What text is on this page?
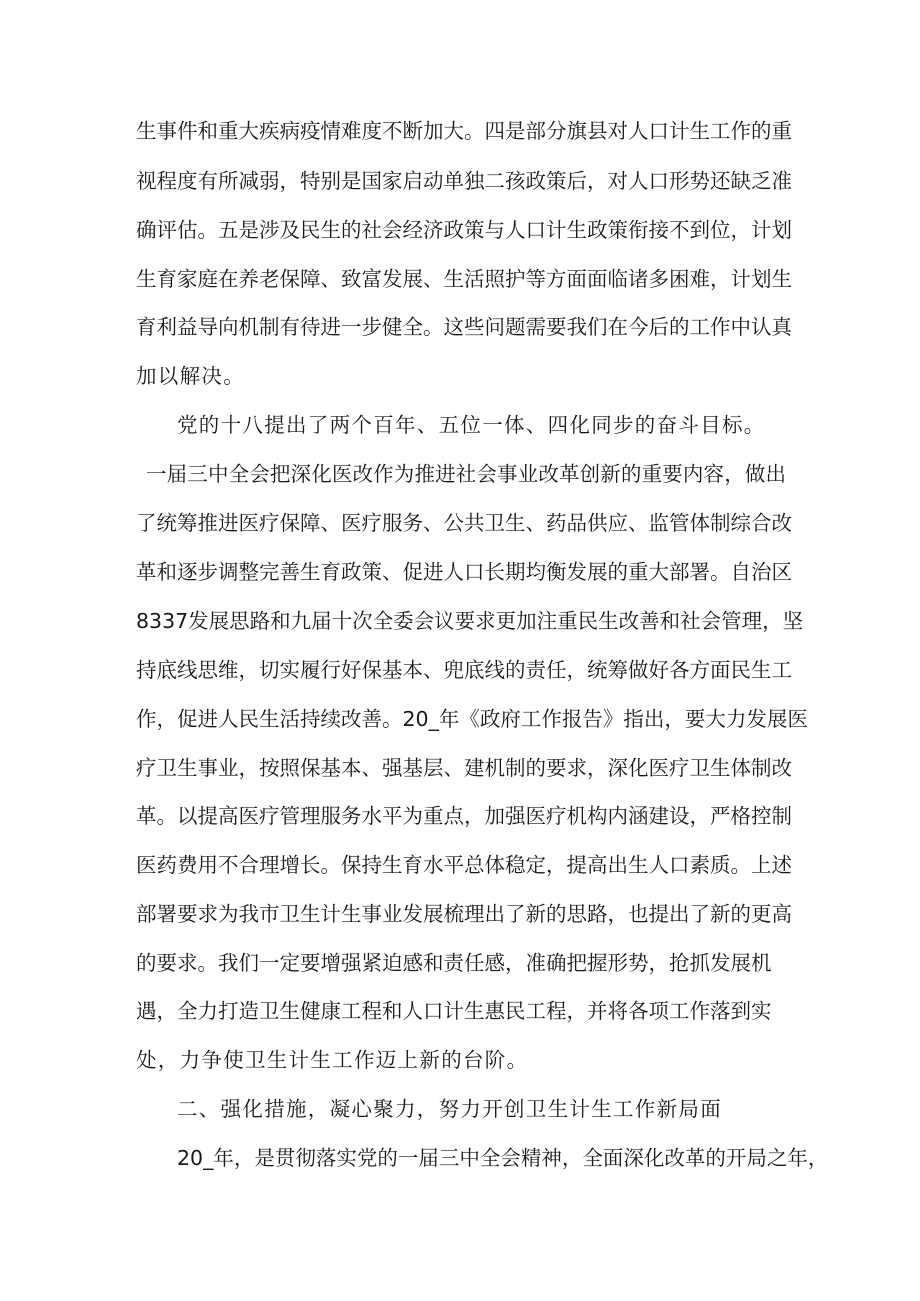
生事件和重大疾病疫情难度不断加大。四是部分旗县对人口计生工作的重

视程度有所减弱，特别是国家启动单独二孩政策后，对人口形势还缺乏准

确评估。五是涉及民生的社会经济政策与人口计生政策衔接不到位，计划

生育家庭在养老保障、致富发展、生活照护等方面面临诸多困难，计划生

育利益导向机制有待进一步健全。这些问题需要我们在今后的工作中认真

加以解决。

党的十八提出了两个百年、五位一体、四化同步的奋斗目标。

一届三中全会把深化医改作为推进社会事业改革创新的重要内容，做出

了统筹推进医疗保障、医疗服务、公共卫生、药品供应、监管体制综合改

革和逐步调整完善生育政策、促进人口长期均衡发展的重大部署。自治区

8337发展思路和九届十次全委会议要求更加注重民生改善和社会管理，坚

持底线思维，切实履行好保基本、兜底线的责任，统筹做好各方面民生工

作，促进人民生活持续改善。20_年《政府工作报告》指出，要大力发展医

疗卫生事业，按照保基本、强基层、建机制的要求，深化医疗卫生体制改

革。以提高医疗管理服务水平为重点，加强医疗机构内涵建设，严格控制

医药费用不合理增长。保持生育水平总体稳定，提高出生人口素质。上述

部署要求为我市卫生计生事业发展梳理出了新的思路，也提出了新的更高

的要求。我们一定要增强紧迫感和责任感，准确把握形势，抢抓发展机

遇，全力打造卫生健康工程和人口计生惠民工程，并将各项工作落到实

处，力争使卫生计生工作迈上新的台阶。

二、强化措施，凝心聚力，努力开创卫生计生工作新局面

20_年，是贯彻落实党的一届三中全会精神，全面深化改革的开局之年，
